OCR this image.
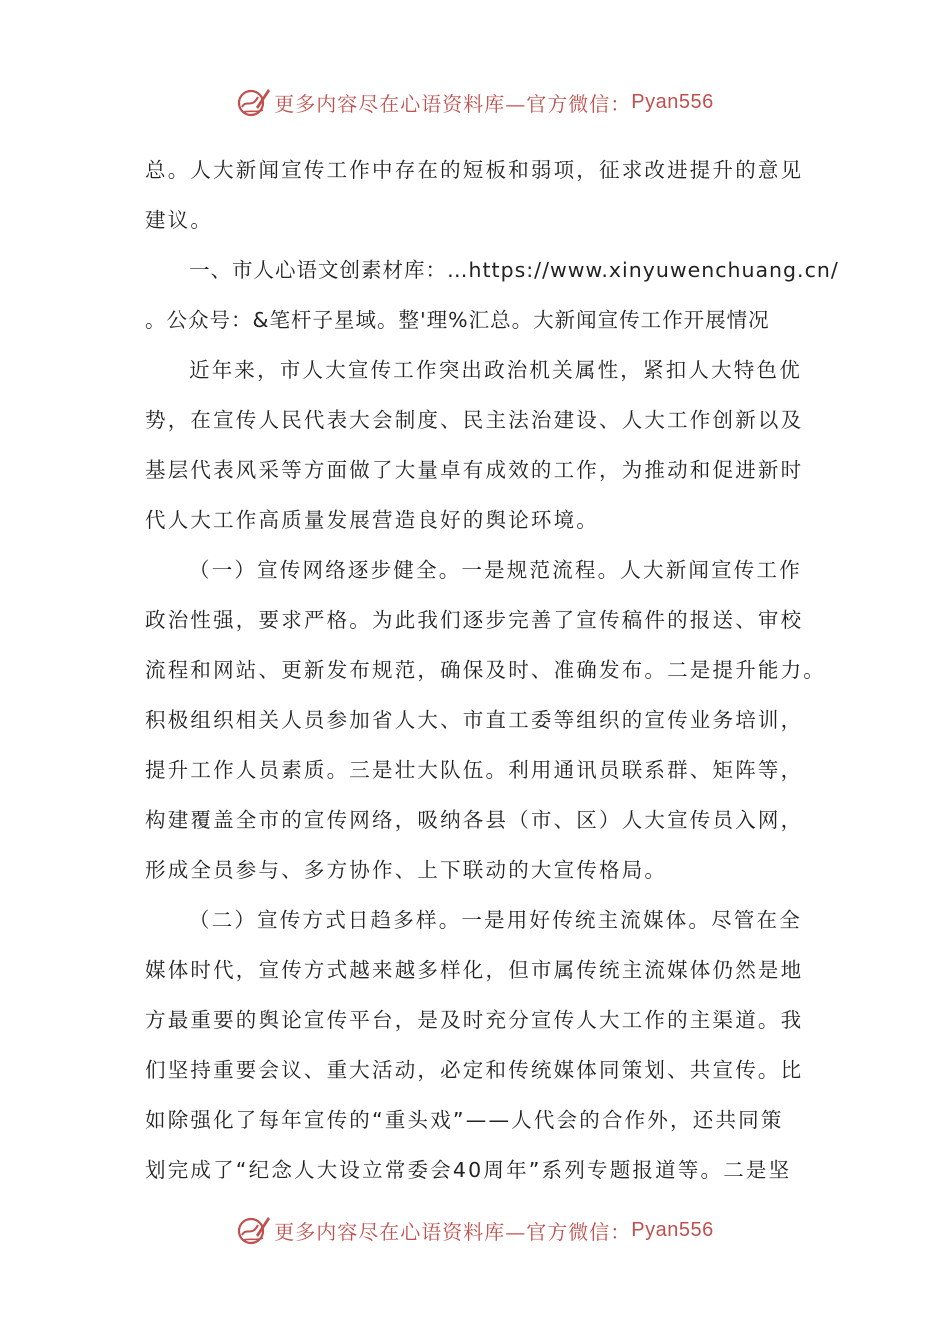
更多内容尽在心语资料库—官方微信： Pyan556
总。人大新闻宣传工作中存在的短板和弱项，征求改进提升的意见
建议。
一、市人心语文创素材库：…https://www.xinyuwenchuang.cn/
。公众号：&笔杆子星域。整'理%汇总。大新闻宣传工作开展情况
近年来，市人大宣传工作突出政治机关属性，紧扣人大特色优
势，在宣传人民代表大会制度、民主法治建设、人大工作创新以及
基层代表风采等方面做了大量卓有成效的工作，为推动和促进新时
代人大工作高质量发展营造良好的舆论环境。
（一）宣传网络逐步健全。一是规范流程。人大新闻宣传工作
政治性强，要求严格。为此我们逐步完善了宣传稿件的报送、审校
流程和网站、更新发布规范，确保及时、准确发布。二是提升能力。
积极组织相关人员参加省人大、市直工委等组织的宣传业务培训，
提升工作人员素质。三是壮大队伍。利用通讯员联系群、矩阵等，
构建覆盖全市的宣传网络，吸纳各县（市、区）人大宣传员入网，
形成全员参与、多方协作、上下联动的大宣传格局。
（二）宣传方式日趋多样。一是用好传统主流媒体。尽管在全
媒体时代，宣传方式越来越多样化，但市属传统主流媒体仍然是地
方最重要的舆论宣传平台，是及时充分宣传人大工作的主渠道。我
们坚持重要会议、重大活动，必定和传统媒体同策划、共宣传。比
如除强化了每年宣传的“重头戏”——人代会的合作外，还共同策
划完成了“纪念人大设立常委会40周年”系列专题报道等。二是坚
更多内容尽在心语资料库—官方微信： Pyan556
